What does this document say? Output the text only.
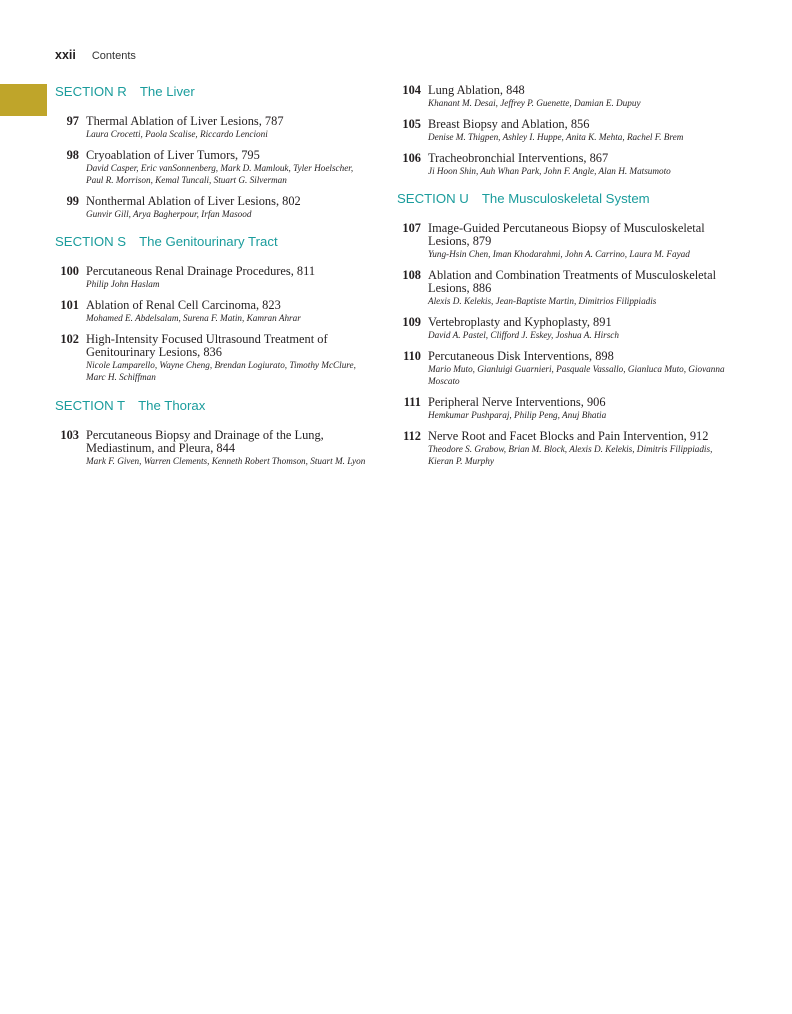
xxii Contents
SECTION R The Liver
97 Thermal Ablation of Liver Lesions, 787
Laura Crocetti, Paola Scalise, Riccardo Lencioni
98 Cryoablation of Liver Tumors, 795
David Casper, Eric vanSonnenberg, Mark D. Mamlouk, Tyler Hoelscher, Paul R. Morrison, Kemal Tuncali, Stuart G. Silverman
99 Nonthermal Ablation of Liver Lesions, 802
Gunvir Gill, Arya Bagherpour, Irfan Masood
SECTION S The Genitourinary Tract
100 Percutaneous Renal Drainage Procedures, 811
Philip John Haslam
101 Ablation of Renal Cell Carcinoma, 823
Mohamed E. Abdelsalam, Surena F. Matin, Kamran Ahrar
102 High-Intensity Focused Ultrasound Treatment of Genitourinary Lesions, 836
Nicole Lamparello, Wayne Cheng, Brendan Logiurato, Timothy McClure, Marc H. Schiffman
SECTION T The Thorax
103 Percutaneous Biopsy and Drainage of the Lung, Mediastinum, and Pleura, 844
Mark F. Given, Warren Clements, Kenneth Robert Thomson, Stuart M. Lyon
104 Lung Ablation, 848
Khanant M. Desai, Jeffrey P. Guenette, Damian E. Dupuy
105 Breast Biopsy and Ablation, 856
Denise M. Thigpen, Ashley I. Huppe, Anita K. Mehta, Rachel F. Brem
106 Tracheobronchial Interventions, 867
Ji Hoon Shin, Auh Whan Park, John F. Angle, Alan H. Matsumoto
SECTION U The Musculoskeletal System
107 Image-Guided Percutaneous Biopsy of Musculoskeletal Lesions, 879
Yung-Hsin Chen, Iman Khodarahmi, John A. Carrino, Laura M. Fayad
108 Ablation and Combination Treatments of Musculoskeletal Lesions, 886
Alexis D. Kelekis, Jean-Baptiste Martin, Dimitrios Filippiadis
109 Vertebroplasty and Kyphoplasty, 891
David A. Pastel, Clifford J. Eskey, Joshua A. Hirsch
110 Percutaneous Disk Interventions, 898
Mario Muto, Gianluigi Guarnieri, Pasquale Vassallo, Gianluca Muto, Giovanna Moscato
111 Peripheral Nerve Interventions, 906
Hemkumar Pushparaj, Philip Peng, Anuj Bhatia
112 Nerve Root and Facet Blocks and Pain Intervention, 912
Theodore S. Grabow, Brian M. Block, Alexis D. Kelekis, Dimitris Filippiadis, Kieran P. Murphy
